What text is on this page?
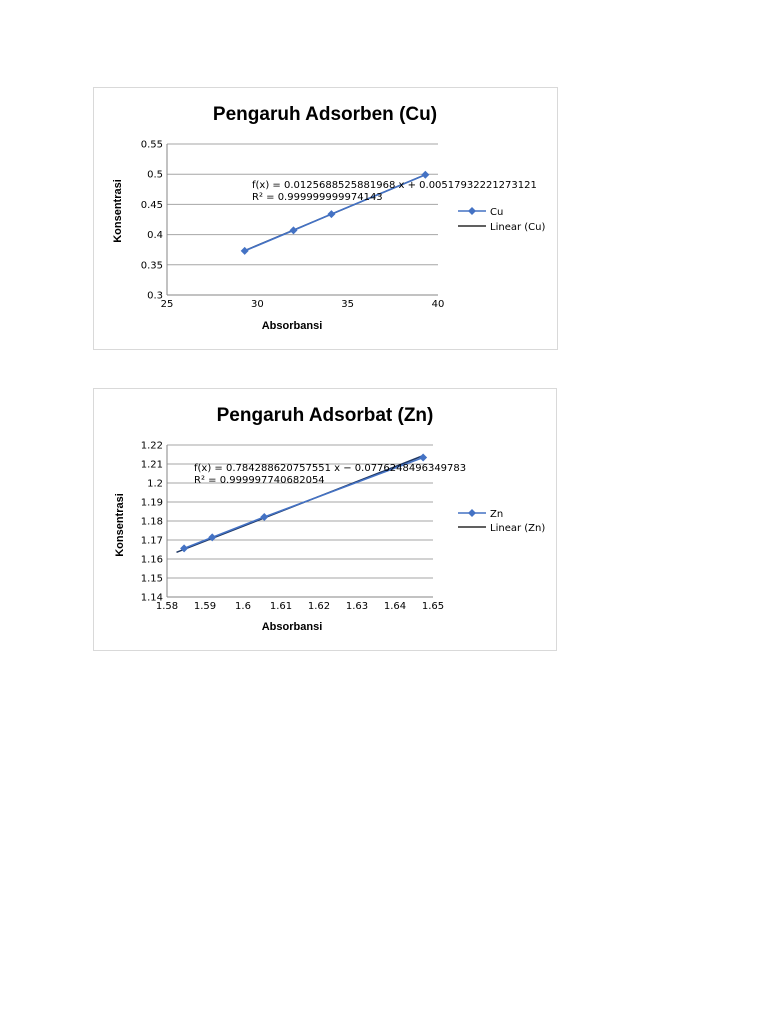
Pengaruh Adsorben (Cu)
0.3
0.35
0.4
0.45
0.5
0.55
25	30	35	40
f(x) = 0.0125688525881968 x + 0.00517932221273121
R² = 0.999999999974143
Absorbansi
Konsentrasi	Cu
Linear (Cu)
Pengaruh Adsorbat (Zn)
1.14
1.15
1.16
1.17
1.18
1.19
1.2
1.21
1.22
1.58 1.59 1.6 1.61 1.62 1.63 1.64 1.65
f(x) = 0.784288620757551 x − 0.0776248496349783
R² = 0.999997740682054
Absorbansi
Konsentrasi	Zn
Linear (Zn)
